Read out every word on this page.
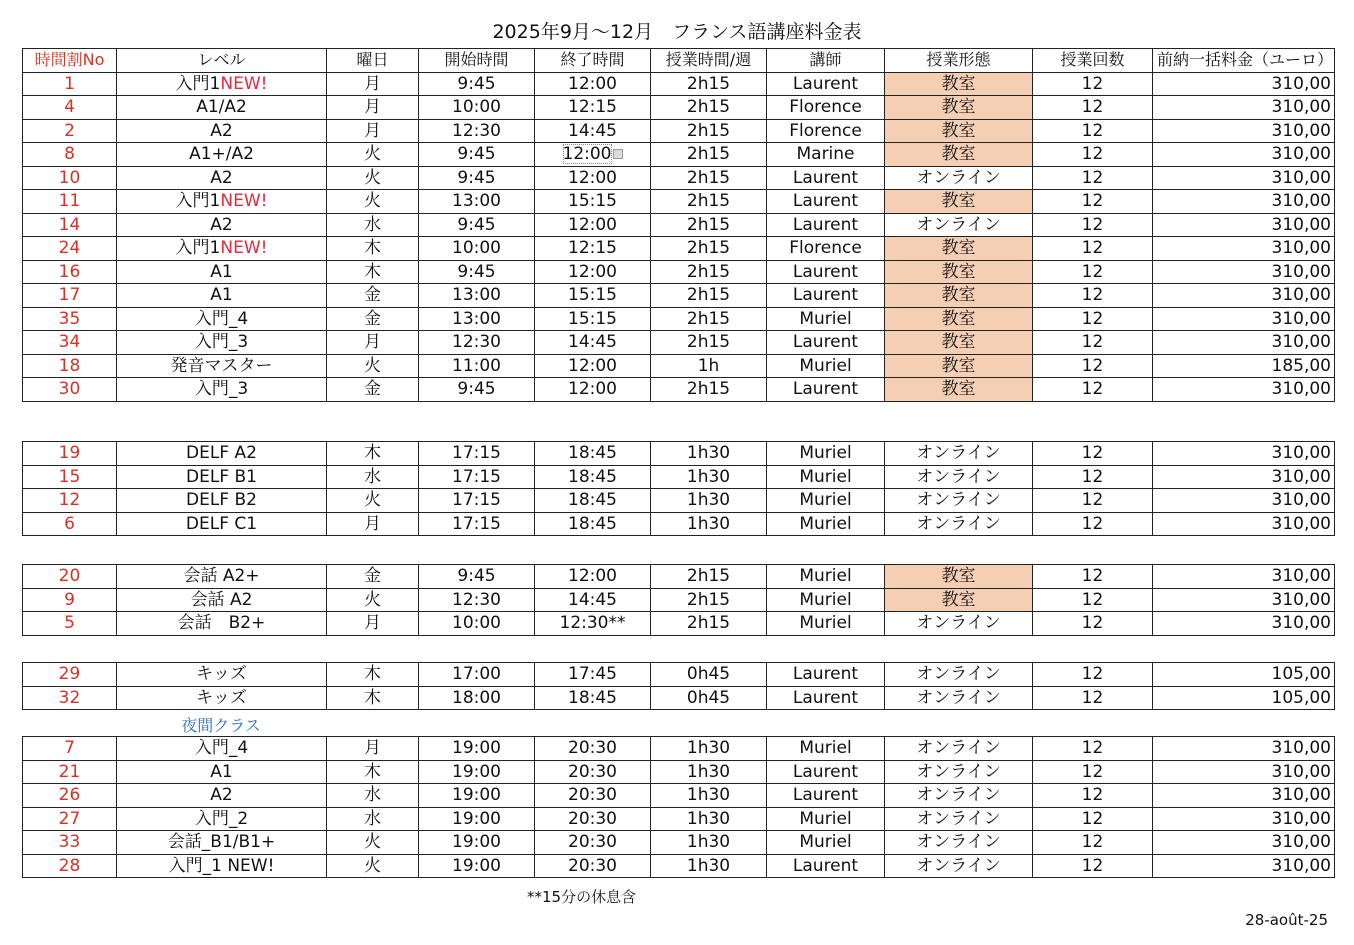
2025年9月〜12月　フランス語講座料金表
時間割No	レベル	曜日	開始時間	終了時間	授業時間/週	講師	授業形態	授業回数	前納一括料金（ユーロ）
1	入門1NEW!	月	9:45	12:00	2h15	Laurent	教室	12	310,00
4	A1/A2	月	10:00	12:15	2h15	Florence	教室	12	310,00
2	A2	月	12:30	14:45	2h15	Florence	教室	12	310,00
8	A1+/A2	火	9:45	12:00	2h15	Marine	教室	12	310,00
10	A2	火	9:45	12:00	2h15	Laurent	オンライン	12	310,00
11	入門1NEW!	火	13:00	15:15	2h15	Laurent	教室	12	310,00
14	A2	水	9:45	12:00	2h15	Laurent	オンライン	12	310,00
24	入門1NEW!	木	10:00	12:15	2h15	Florence	教室	12	310,00
16	A1	木	9:45	12:00	2h15	Laurent	教室	12	310,00
17	A1	金	13:00	15:15	2h15	Laurent	教室	12	310,00
35	入門_4	金	13:00	15:15	2h15	Muriel	教室	12	310,00
34	入門_3	月	12:30	14:45	2h15	Laurent	教室	12	310,00
18	発音マスター	火	11:00	12:00	1h	Muriel	教室	12	185,00
30	入門_3	金	9:45	12:00	2h15	Laurent	教室	12	310,00
19	DELF A2	木	17:15	18:45	1h30	Muriel	オンライン	12	310,00
15	DELF B1	水	17:15	18:45	1h30	Muriel	オンライン	12	310,00
12	DELF B2	火	17:15	18:45	1h30	Muriel	オンライン	12	310,00
6	DELF C1	月	17:15	18:45	1h30	Muriel	オンライン	12	310,00
20	会話 A2+	金	9:45	12:00	2h15	Muriel	教室	12	310,00
9	会話 A2	火	12:30	14:45	2h15	Muriel	教室	12	310,00
5	会話　B2+	月	10:00	12:30**	2h15	Muriel	オンライン	12	310,00
29	キッズ	木	17:00	17:45	0h45	Laurent	オンライン	12	105,00
32	キッズ	木	18:00	18:45	0h45	Laurent	オンライン	12	105,00
夜間クラス
7	入門_4	月	19:00	20:30	1h30	Muriel	オンライン	12	310,00
21	A1	木	19:00	20:30	1h30	Laurent	オンライン	12	310,00
26	A2	水	19:00	20:30	1h30	Laurent	オンライン	12	310,00
27	入門_2	水	19:00	20:30	1h30	Muriel	オンライン	12	310,00
33	会話_B1/B1+	火	19:00	20:30	1h30	Muriel	オンライン	12	310,00
28	入門_1 NEW!	火	19:00	20:30	1h30	Laurent	オンライン	12	310,00
**15分の休息含
28-août-25
